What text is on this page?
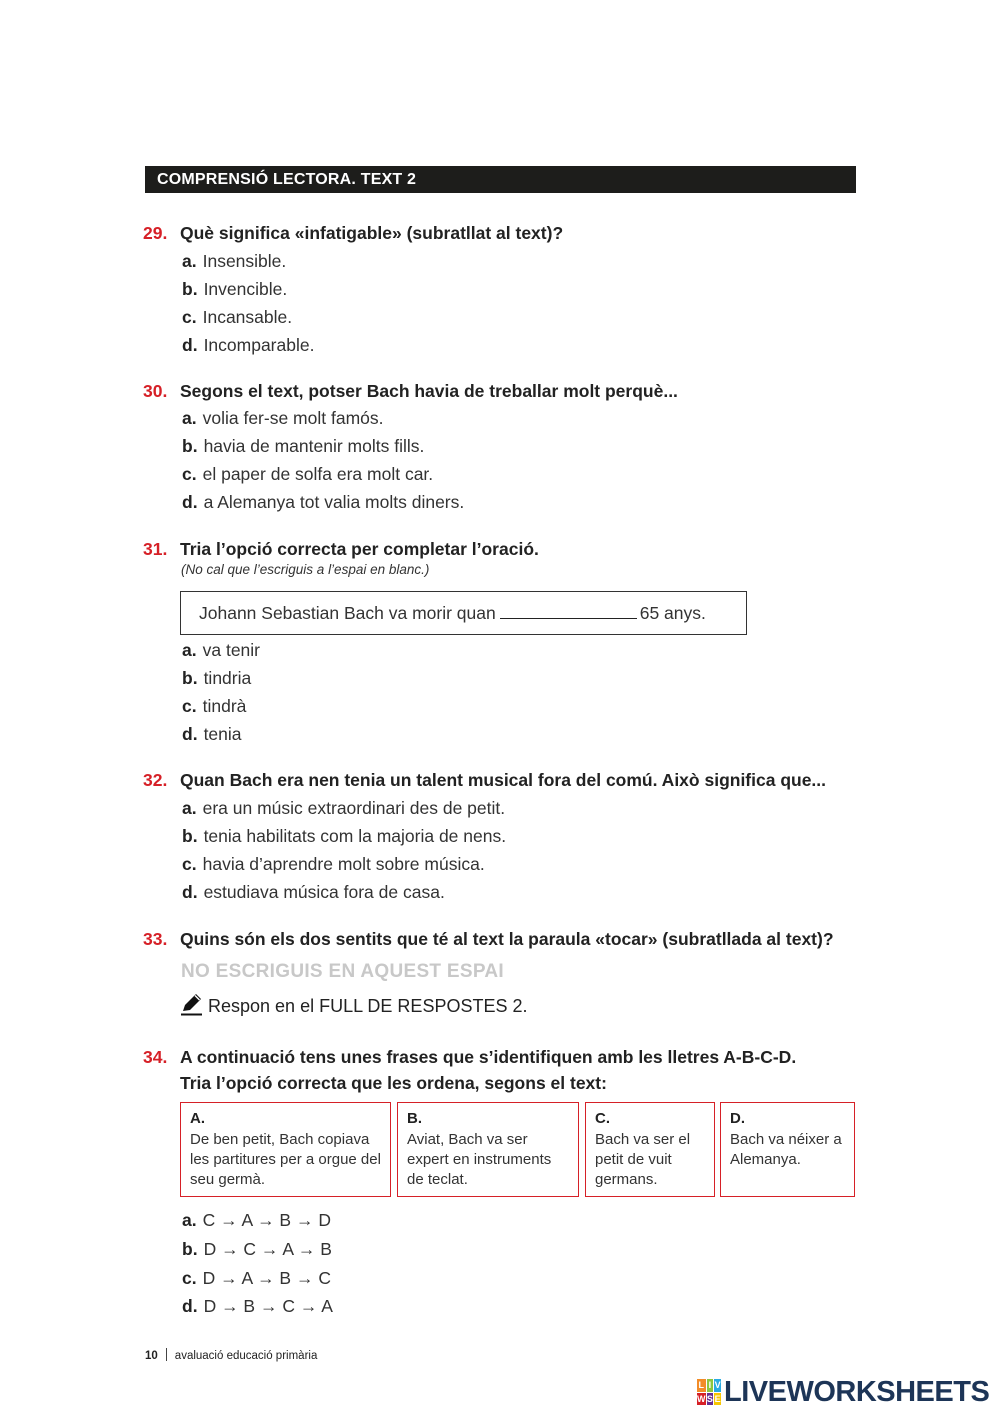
COMPRENSIÓ LECTORA. TEXT 2
29. Què significa «infatigable» (subratllat al text)?
a. Insensible.
b. Invencible.
c. Incansable.
d. Incomparable.
30. Segons el text, potser Bach havia de treballar molt perquè...
a. volia fer-se molt famós.
b. havia de mantenir molts fills.
c. el paper de solfa era molt car.
d. a Alemanya tot valia molts diners.
31. Tria l’opció correcta per completar l’oració.
(No cal que l’escriguis a l’espai en blanc.)
Johann Sebastian Bach va morir quan	65 anys.
a. va tenir
b. tindria
c. tindrà
d. tenia
32. Quan Bach era nen tenia un talent musical fora del comú. Això significa que...
a. era un músic extraordinari des de petit.
b. tenia habilitats com la majoria de nens.
c. havia d’aprendre molt sobre música.
d. estudiava música fora de casa.
33. Quins són els dos sentits que té al text la paraula «tocar» (subratllada al text)?
NO ESCRIGUIS EN AQUEST ESPAI
Respon en el FULL DE RESPOSTES 2.
34. A continuació tens unes frases que s’identifiquen amb les lletres A-B-C-D.
Tria l’opció correcta que les ordena, segons el text:
A.
De ben petit, Bach copiava les partitures per a orgue del seu germà.
B.
Aviat, Bach va ser expert en instruments de teclat.
C.
Bach va ser el petit de vuit germans.
D.
Bach va néixer a Alemanya.
a. C → A → B → D
b. D → C → A → B
c. D → A → B → C
d. D → B → C → A
10 avaluació educació primària
L I V
W S E LIVEWORKSHEETS
